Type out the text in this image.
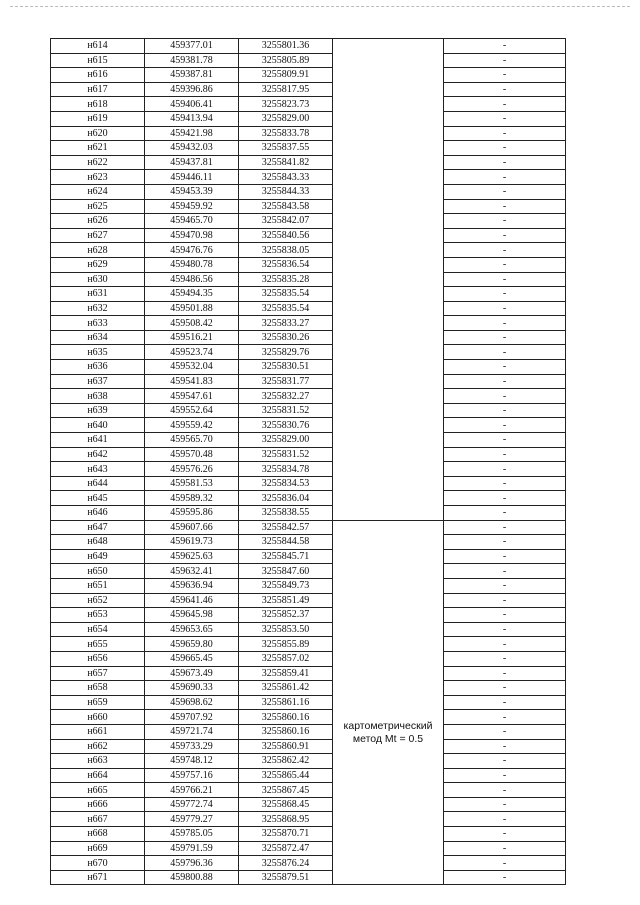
н614	459377.01	3255801.36		-
н615	459381.78	3255805.89		-
н616	459387.81	3255809.91		-
н617	459396.86	3255817.95		-
н618	459406.41	3255823.73		-
н619	459413.94	3255829.00		-
н620	459421.98	3255833.78		-
н621	459432.03	3255837.55		-
н622	459437.81	3255841.82		-
н623	459446.11	3255843.33		-
н624	459453.39	3255844.33		-
н625	459459.92	3255843.58		-
н626	459465.70	3255842.07		-
н627	459470.98	3255840.56		-
н628	459476.76	3255838.05		-
н629	459480.78	3255836.54		-
н630	459486.56	3255835.28		-
н631	459494.35	3255835.54		-
н632	459501.88	3255835.54		-
н633	459508.42	3255833.27		-
н634	459516.21	3255830.26		-
н635	459523.74	3255829.76		-
н636	459532.04	3255830.51		-
н637	459541.83	3255831.77		-
н638	459547.61	3255832.27		-
н639	459552.64	3255831.52		-
н640	459559.42	3255830.76		-
н641	459565.70	3255829.00		-
н642	459570.48	3255831.52		-
н643	459576.26	3255834.78		-
н644	459581.53	3255834.53		-
н645	459589.32	3255836.04		-
н646	459595.86	3255838.55		-
н647	459607.66	3255842.57	картометрический
метод Mt = 0.5	-
н648	459619.73	3255844.58		-
н649	459625.63	3255845.71		-
н650	459632.41	3255847.60		-
н651	459636.94	3255849.73		-
н652	459641.46	3255851.49		-
н653	459645.98	3255852.37		-
н654	459653.65	3255853.50		-
н655	459659.80	3255855.89		-
н656	459665.45	3255857.02		-
н657	459673.49	3255859.41		-
н658	459690.33	3255861.42		-
н659	459698.62	3255861.16		-
н660	459707.92	3255860.16		-
н661	459721.74	3255860.16		-
н662	459733.29	3255860.91		-
н663	459748.12	3255862.42		-
н664	459757.16	3255865.44		-
н665	459766.21	3255867.45		-
н666	459772.74	3255868.45		-
н667	459779.27	3255868.95		-
н668	459785.05	3255870.71		-
н669	459791.59	3255872.47		-
н670	459796.36	3255876.24		-
н671	459800.88	3255879.51		-
